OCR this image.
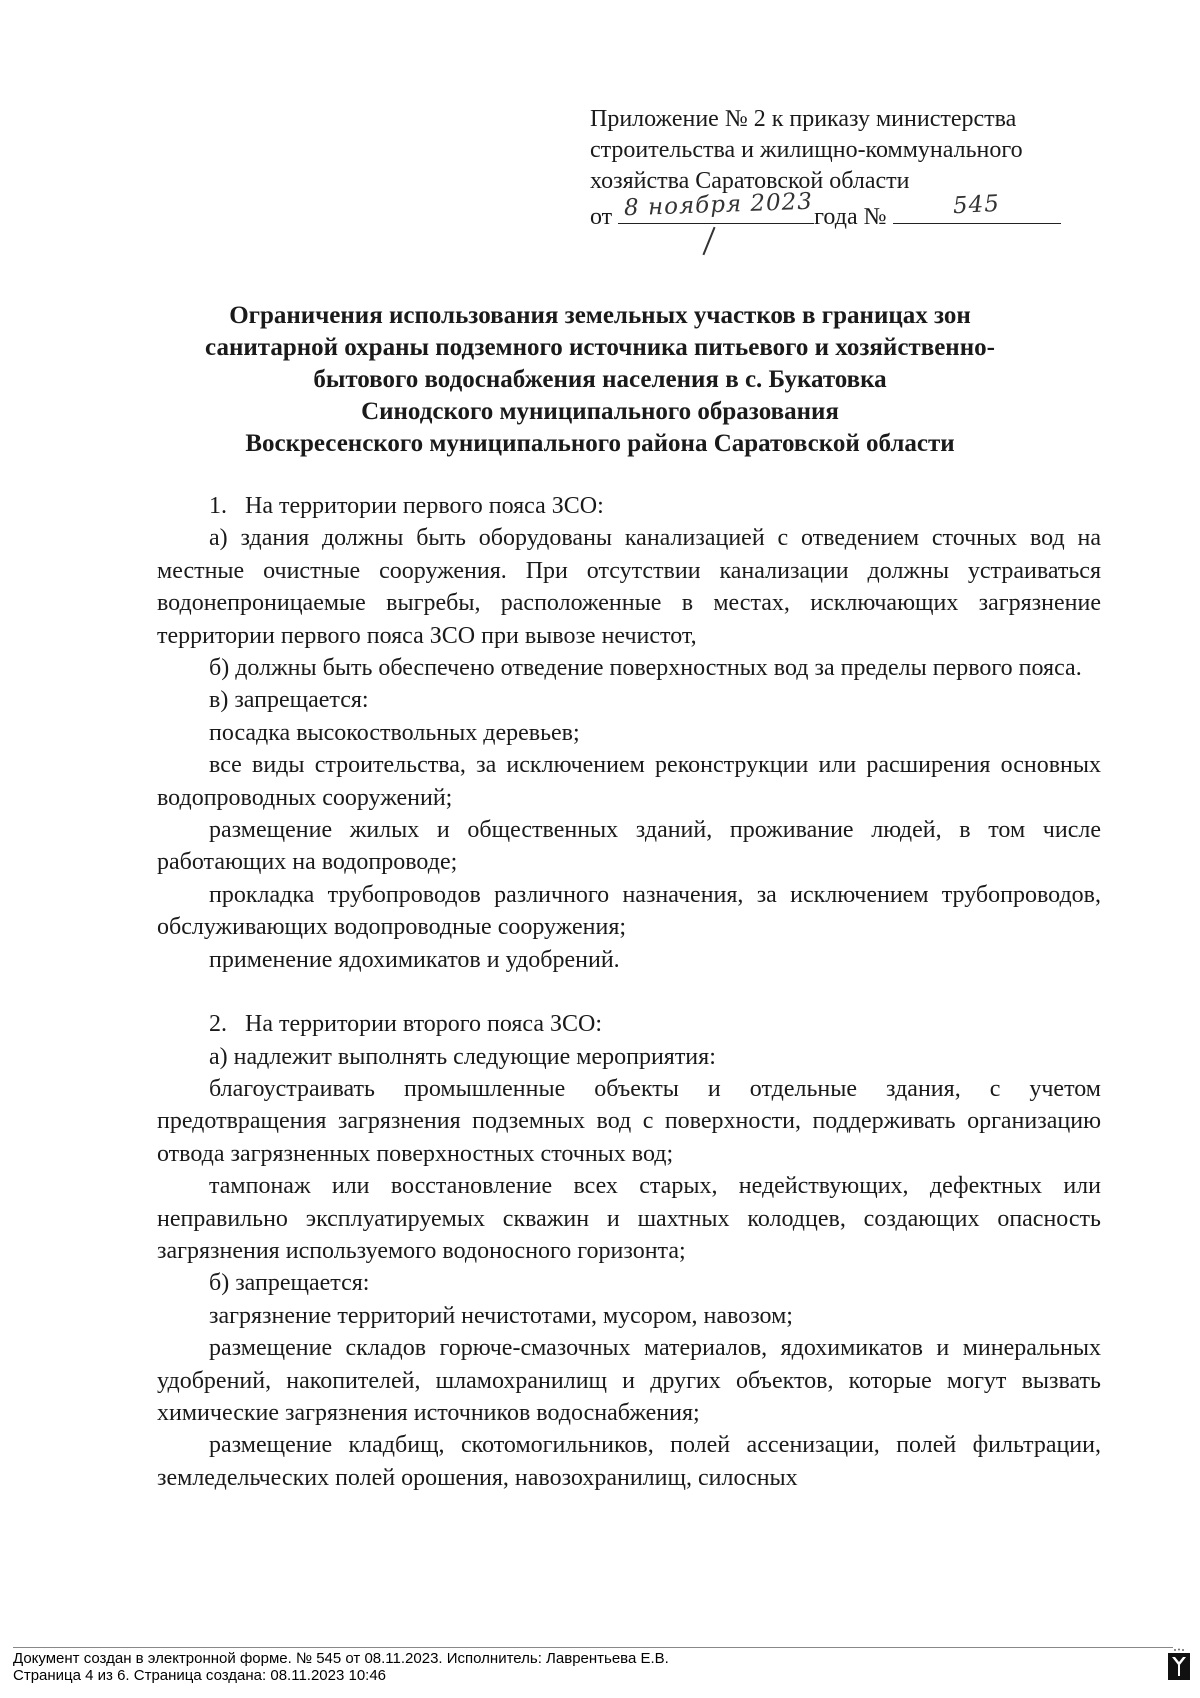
Приложение № 2 к приказу министерства
строительства и жилищно-коммунального
хозяйства Саратовской области
от 8 ноября 2023 года №	545
Ограничения использования земельных участков в границах зон
санитарной охраны подземного источника питьевого и хозяйственно-
бытового водоснабжения населения в с. Букатовка
Синодского муниципального образования
Воскресенского муниципального района Саратовской области

1.   На территории первого пояса ЗСО:

а) здания должны быть оборудованы канализацией с отведением сточных вод на местные очистные сооружения. При отсутствии канализации должны устраиваться водонепроницаемые выгребы, расположенные в местах, исключающих загрязнение территории первого пояса ЗСО при вывозе нечистот,

б) должны быть обеспечено отведение поверхностных вод за пределы первого пояса.

в) запрещается:

посадка высокоствольных деревьев;

все виды строительства, за исключением реконструкции или расширения основных водопроводных сооружений;

размещение жилых и общественных зданий, проживание людей, в том числе работающих на водопроводе;

прокладка трубопроводов различного назначения, за исключением трубопроводов, обслуживающих водопроводные сооружения;

применение ядохимикатов и удобрений.

2.   На территории второго пояса ЗСО:

а) надлежит выполнять следующие мероприятия:

благоустраивать промышленные объекты и отдельные здания, с учетом предотвращения загрязнения подземных вод с поверхности, поддерживать организацию отвода загрязненных поверхностных сточных вод;

тампонаж или восстановление всех старых, недействующих, дефектных или неправильно эксплуатируемых скважин и шахтных колодцев, создающих опасность загрязнения используемого водоносного горизонта;

б) запрещается:

загрязнение территорий нечистотами, мусором, навозом;

размещение складов горюче-смазочных материалов, ядохимикатов и минеральных удобрений, накопителей, шламохранилищ и других объектов, которые могут вызвать химические загрязнения источников водоснабжения;

размещение кладбищ, скотомогильников, полей ассенизации, полей фильтрации, земледельческих полей орошения, навозохранилищ, силосных

Документ создан в электронной форме. № 545 от 08.11.2023. Исполнитель: Лаврентьева Е.В.
Страница 4 из 6. Страница создана: 08.11.2023 10:46
